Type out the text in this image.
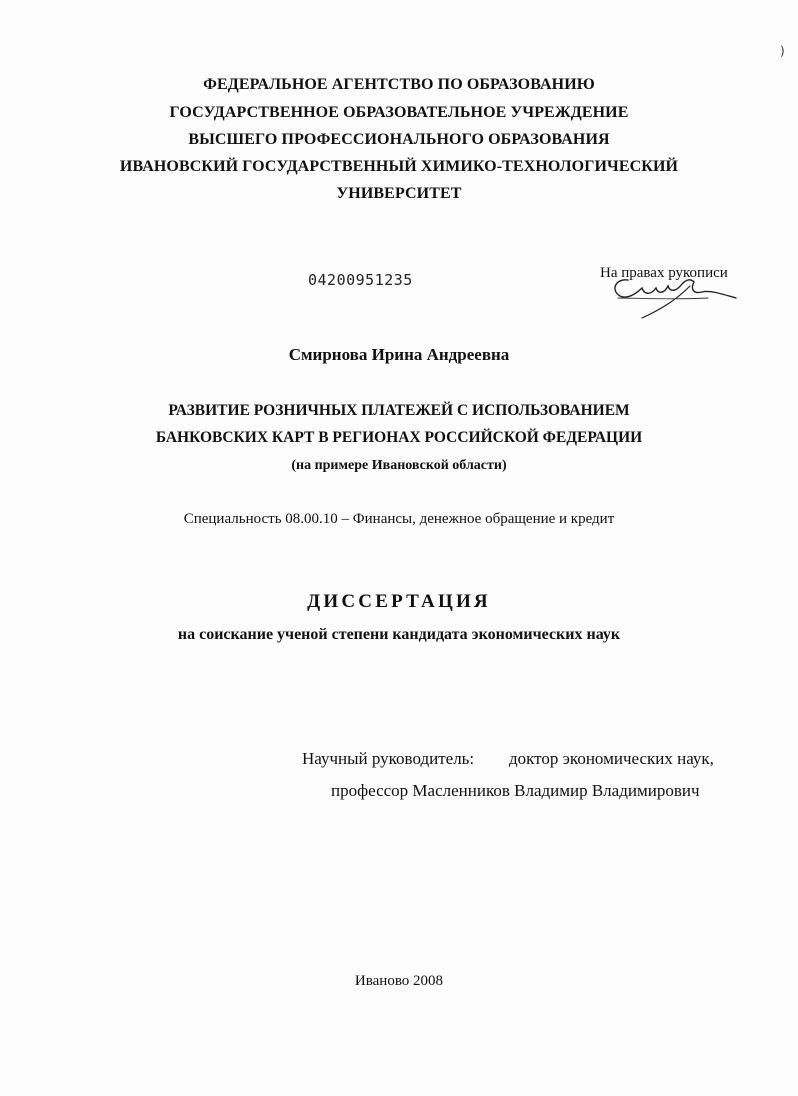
)
ФЕДЕРАЛЬНОЕ АГЕНТСТВО ПО ОБРАЗОВАНИЮ
ГОСУДАРСТВЕННОЕ ОБРАЗОВАТЕЛЬНОЕ УЧРЕЖДЕНИЕ
ВЫСШЕГО ПРОФЕССИОНАЛЬНОГО ОБРАЗОВАНИЯ
ИВАНОВСКИЙ ГОСУДАРСТВЕННЫЙ ХИМИКО-ТЕХНОЛОГИЧЕСКИЙ
УНИВЕРСИТЕТ
04200951235	На правах рукописи
Смирнова Ирина Андреевна
РАЗВИТИЕ РОЗНИЧНЫХ ПЛАТЕЖЕЙ С ИСПОЛЬЗОВАНИЕМ
БАНКОВСКИХ КАРТ В РЕГИОНАХ РОССИЙСКОЙ ФЕДЕРАЦИИ
(на примере Ивановской области)
Специальность 08.00.10 – Финансы, денежное обращение и кредит
ДИССЕРТАЦИЯ
на соискание ученой степени кандидата экономических наук
Научный руководитель: доктор экономических наук,
профессор Масленников Владимир Владимирович
Иваново 2008
